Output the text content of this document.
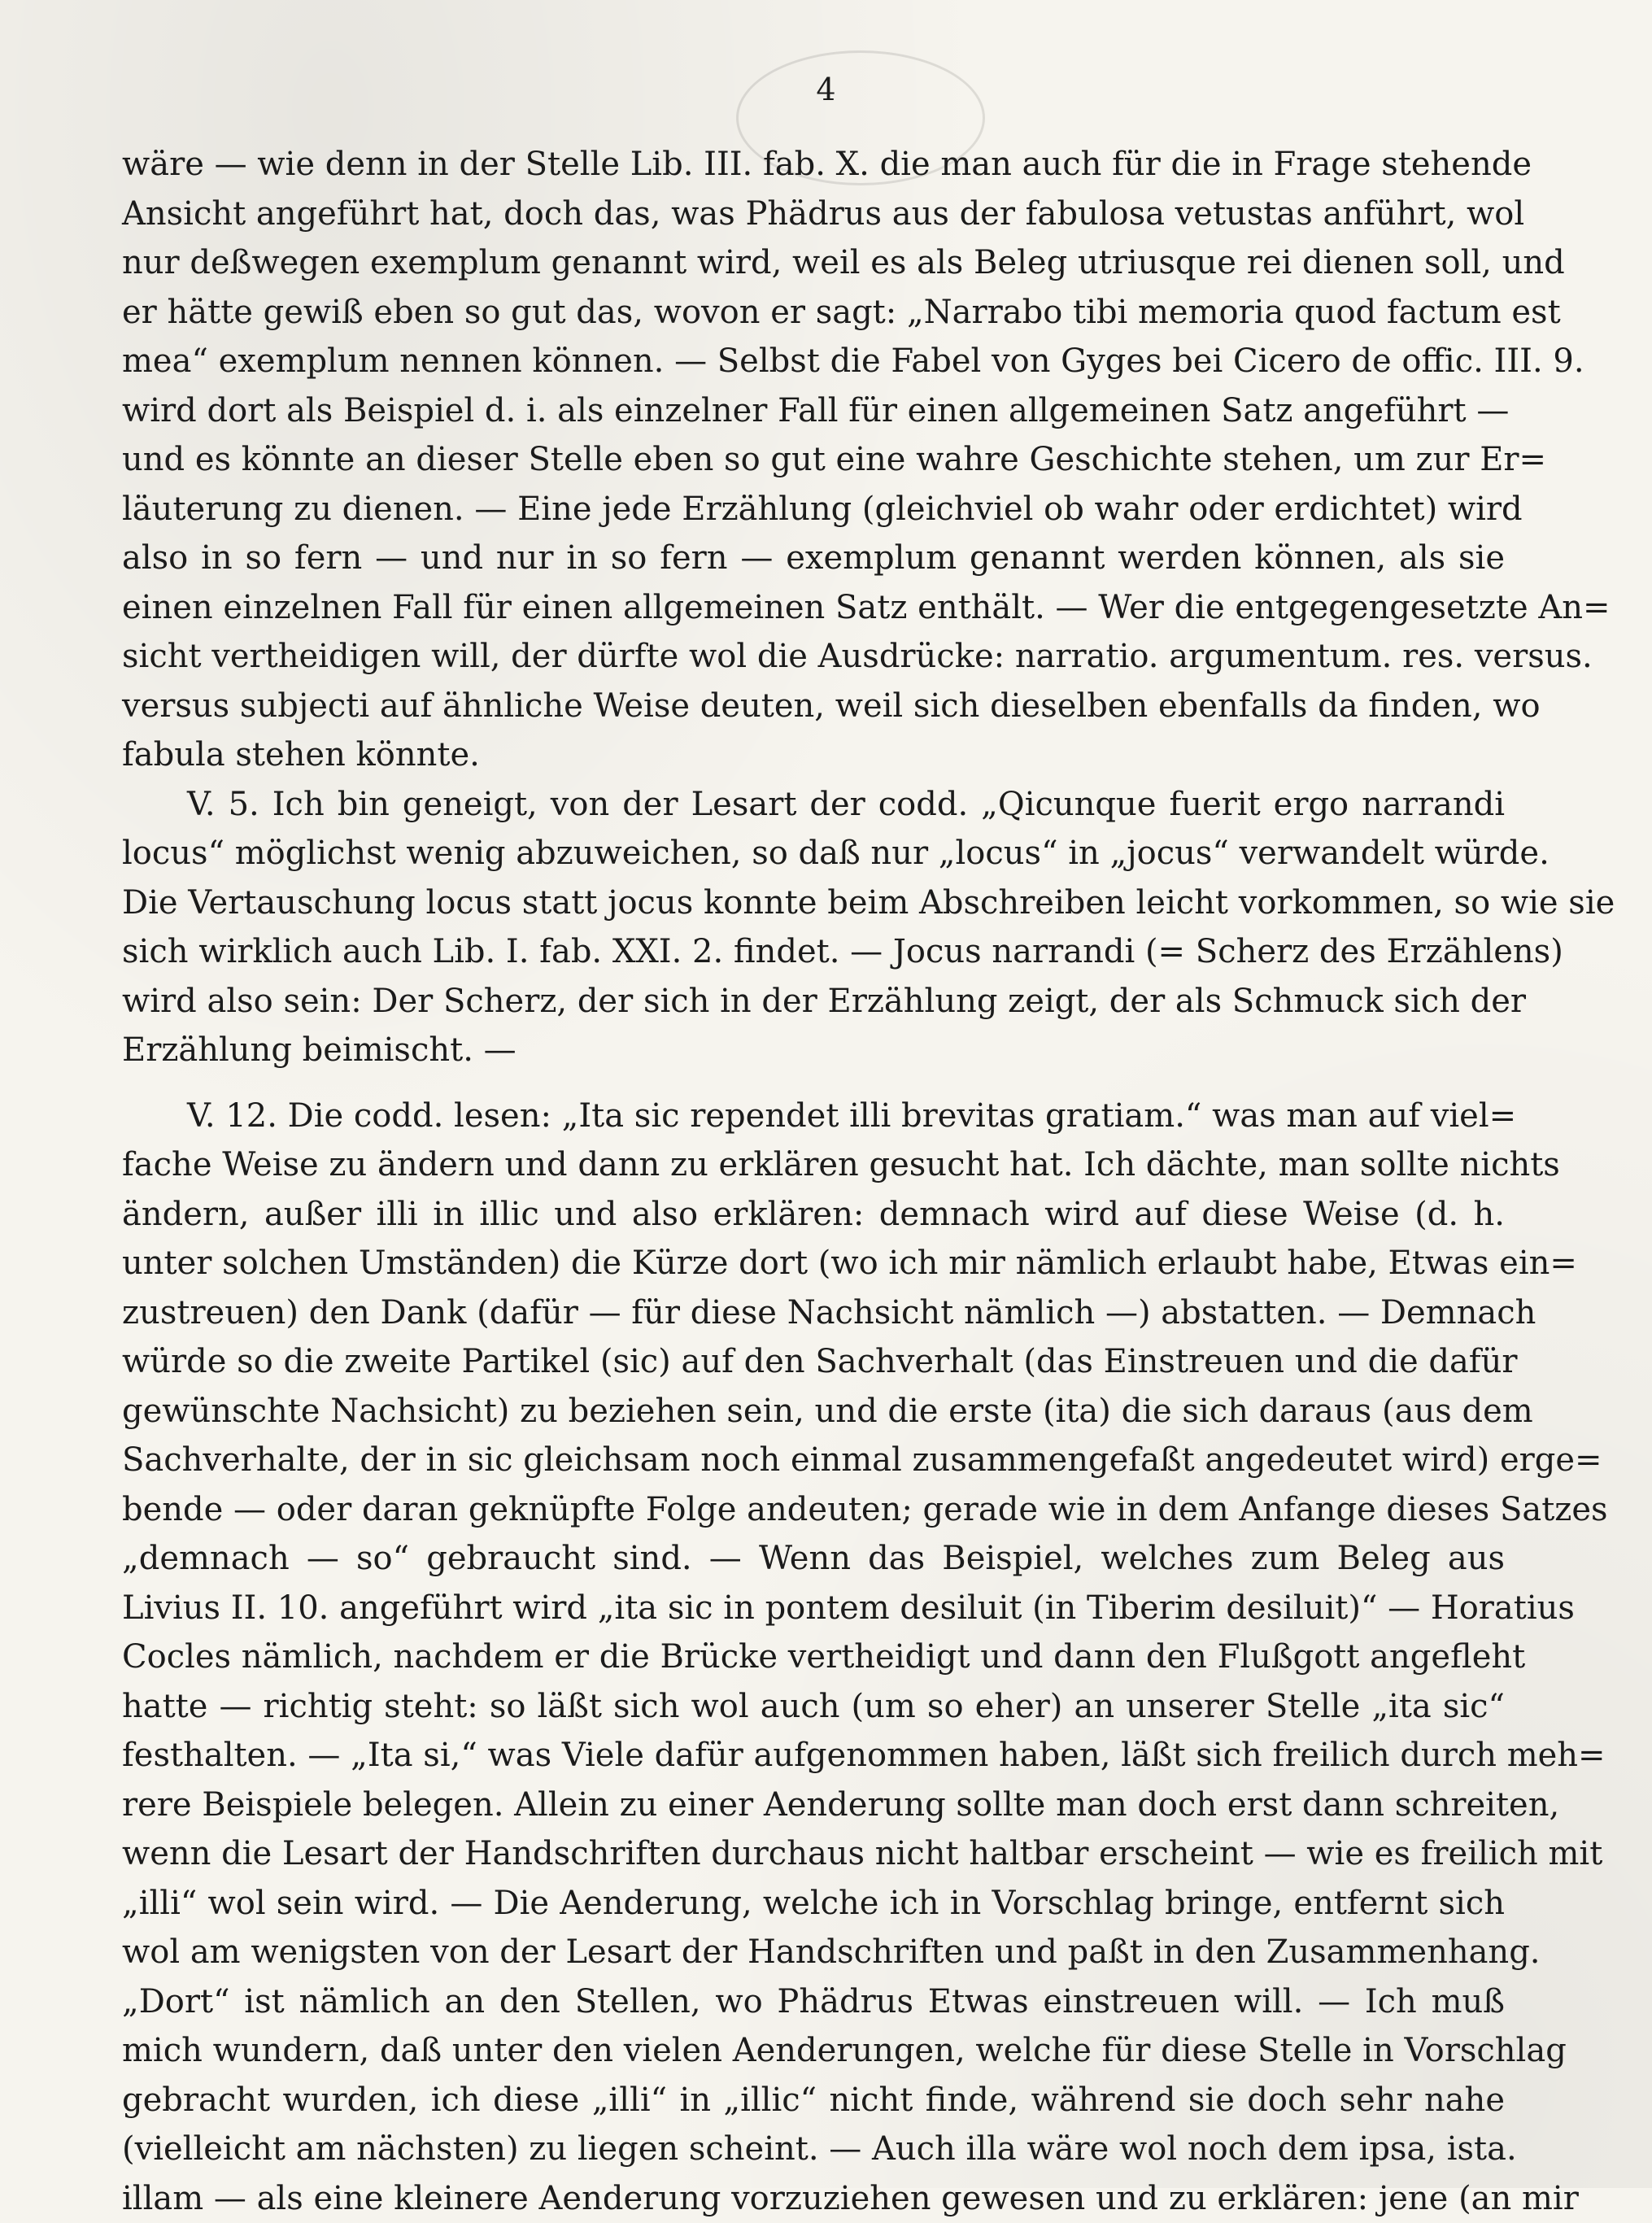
4
wäre — wie denn in der Stelle Lib. III. fab. X. die man auch für die in Frage stehende
Ansicht angeführt hat, doch das, was Phädrus aus der fabulosa vetustas anführt, wol
nur deßwegen exemplum genannt wird, weil es als Beleg utriusque rei dienen soll, und
er hätte gewiß eben so gut das, wovon er sagt: „Narrabo tibi memoria quod factum est
mea“ exemplum nennen können. — Selbst die Fabel von Gyges bei Cicero de offic. III. 9.
wird dort als Beispiel d. i. als einzelner Fall für einen allgemeinen Satz angeführt —
und es könnte an dieser Stelle eben so gut eine wahre Geschichte stehen, um zur Er=
läuterung zu dienen. — Eine jede Erzählung (gleichviel ob wahr oder erdichtet) wird
also in so fern — und nur in so fern — exemplum genannt werden können, als sie
einen einzelnen Fall für einen allgemeinen Satz enthält. — Wer die entgegengesetzte An=
sicht vertheidigen will, der dürfte wol die Ausdrücke: narratio. argumentum. res. versus.
versus subjecti auf ähnliche Weise deuten, weil sich dieselben ebenfalls da finden, wo
fabula stehen könnte.
V. 5. Ich bin geneigt, von der Lesart der codd. „Qicunque fuerit ergo narrandi
locus“ möglichst wenig abzuweichen, so daß nur „locus“ in „jocus“ verwandelt würde.
Die Vertauschung locus statt jocus konnte beim Abschreiben leicht vorkommen, so wie sie
sich wirklich auch Lib. I. fab. XXI. 2. findet. — Jocus narrandi (= Scherz des Erzählens)
wird also sein: Der Scherz, der sich in der Erzählung zeigt, der als Schmuck sich der
Erzählung beimischt. —
V. 12. Die codd. lesen: „Ita sic rependet illi brevitas gratiam.“ was man auf viel=
fache Weise zu ändern und dann zu erklären gesucht hat. Ich dächte, man sollte nichts
ändern, außer illi in illic und also erklären: demnach wird auf diese Weise (d. h.
unter solchen Umständen) die Kürze dort (wo ich mir nämlich erlaubt habe, Etwas ein=
zustreuen) den Dank (dafür — für diese Nachsicht nämlich —) abstatten. — Demnach
würde so die zweite Partikel (sic) auf den Sachverhalt (das Einstreuen und die dafür
gewünschte Nachsicht) zu beziehen sein, und die erste (ita) die sich daraus (aus dem
Sachverhalte, der in sic gleichsam noch einmal zusammengefaßt angedeutet wird) erge=
bende — oder daran geknüpfte Folge andeuten; gerade wie in dem Anfange dieses Satzes
„demnach — so“ gebraucht sind. — Wenn das Beispiel, welches zum Beleg aus
Livius II. 10. angeführt wird „ita sic in pontem desiluit (in Tiberim desiluit)“ — Horatius
Cocles nämlich, nachdem er die Brücke vertheidigt und dann den Flußgott angefleht
hatte — richtig steht: so läßt sich wol auch (um so eher) an unserer Stelle „ita sic“
festhalten. — „Ita si,“ was Viele dafür aufgenommen haben, läßt sich freilich durch meh=
rere Beispiele belegen. Allein zu einer Aenderung sollte man doch erst dann schreiten,
wenn die Lesart der Handschriften durchaus nicht haltbar erscheint — wie es freilich mit
„illi“ wol sein wird. — Die Aenderung, welche ich in Vorschlag bringe, entfernt sich
wol am wenigsten von der Lesart der Handschriften und paßt in den Zusammenhang.
„Dort“ ist nämlich an den Stellen, wo Phädrus Etwas einstreuen will. — Ich muß
mich wundern, daß unter den vielen Aenderungen, welche für diese Stelle in Vorschlag
gebracht wurden, ich diese „illi“ in „illic“ nicht finde, während sie doch sehr nahe
(vielleicht am nächsten) zu liegen scheint. — Auch illa wäre wol noch dem ipsa, ista.
illam — als eine kleinere Aenderung vorzuziehen gewesen und zu erklären: jene (an mir
